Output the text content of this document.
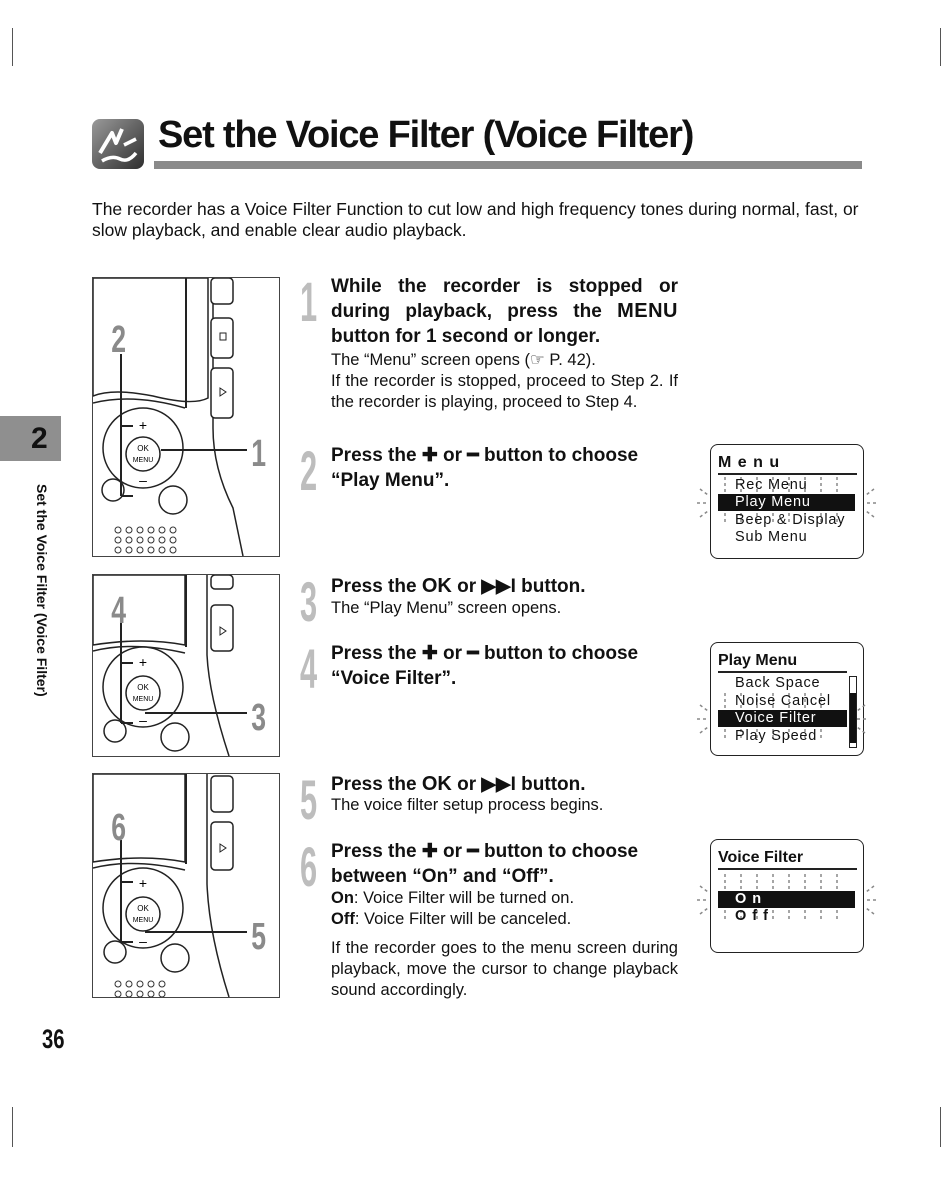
Set the Voice Filter (Voice Filter)
The recorder has a Voice Filter Function to cut low and high frequency tones during normal, fast, or slow playback, and enable clear audio playback.
2
Set the Voice Filter (Voice Filter)
36
OK
MENU
+
–
2
1
OK
MENU
+
–
4
3
OK
MENU
+
–
6
5
1 While the recorder is stopped or during playback, press the MENU button for 1 second or longer.
The “Menu” screen opens (☞ P. 42).
If the recorder is stopped, proceed to Step 2. If the recorder is playing, proceed to Step 4.
2 Press the ✚ or ━ button to choose “Play Menu”.
3 Press the OK or ▶▶I button.
The “Play Menu” screen opens.
4 Press the ✚ or ━ button to choose “Voice Filter”.
5 Press the OK or ▶▶I button.
The voice filter setup process begins.
6 Press the ✚ or ━ button to choose between “On” and “Off”.
On: Voice Filter will be turned on.
Off: Voice Filter will be canceled.
If the recorder goes to the menu screen during playback, move the cursor to change playback sound accordingly.
M e n u
Rec Menu
Play Menu
Beep & Display
Sub Menu
Play Menu
Back Space
Noise Cancel
Voice Filter
Play Speed
Voice Filter
O n
O f f
